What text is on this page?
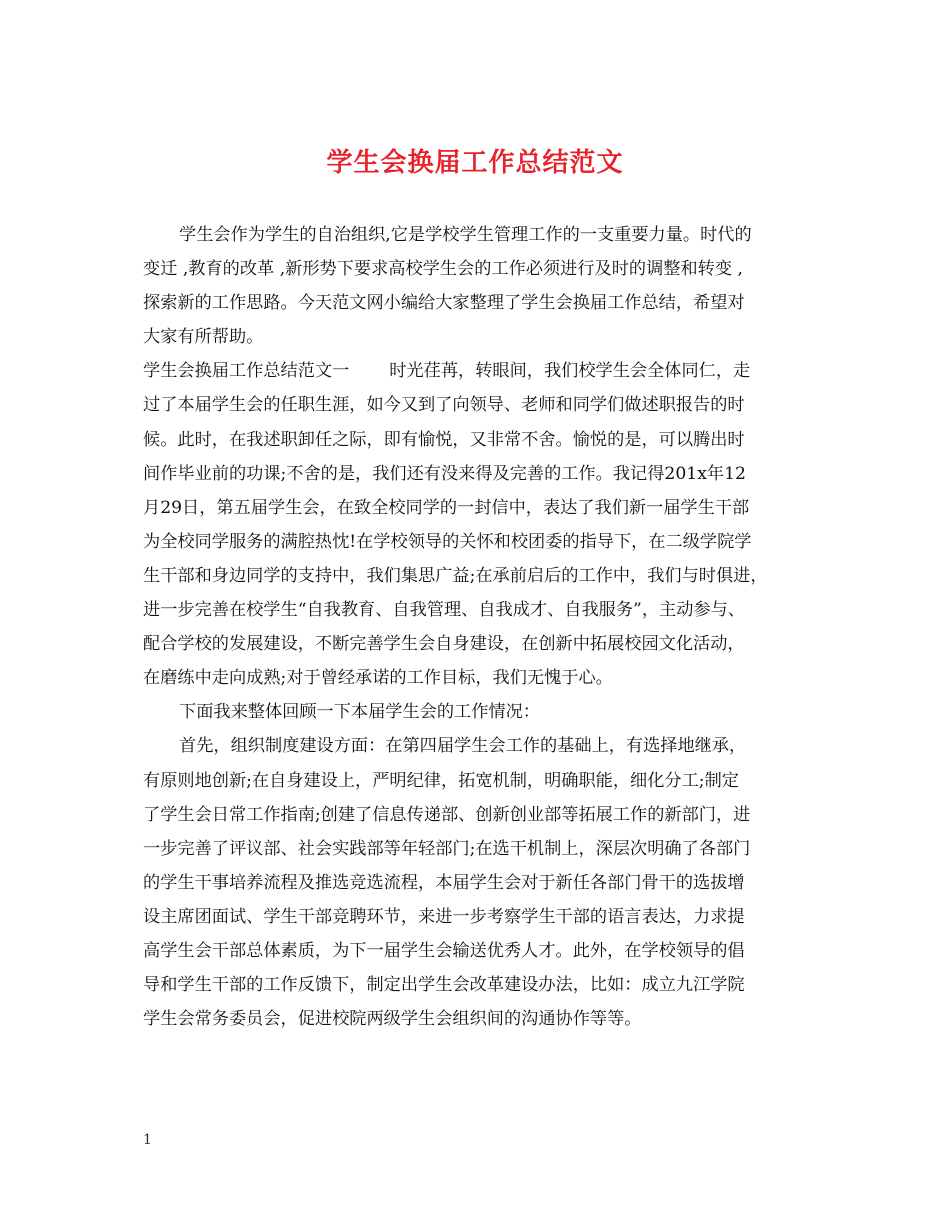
学生会换届工作总结范文
学生会作为学生的自治组织,它是学校学生管理工作的一支重要力量。时代的
变迁 ,教育的改革 ,新形势下要求高校学生会的工作必须进行及时的调整和转变 ,
探索新的工作思路。今天范文网小编给大家整理了学生会换届工作总结，希望对
大家有所帮助。
学生会换届工作总结范文一 时光荏苒，转眼间，我们校学生会全体同仁，走
过了本届学生会的任职生涯，如今又到了向领导、老师和同学们做述职报告的时
候。此时，在我述职卸任之际，即有愉悦，又非常不舍。愉悦的是，可以腾出时
间作毕业前的功课;不舍的是，我们还有没来得及完善的工作。我记得201x年12
月29日，第五届学生会，在致全校同学的一封信中，表达了我们新一届学生干部
为全校同学服务的满腔热忱!在学校领导的关怀和校团委的指导下，在二级学院学
生干部和身边同学的支持中，我们集思广益;在承前启后的工作中，我们与时俱进，
进一步完善在校学生“自我教育、自我管理、自我成才、自我服务”，主动参与、
配合学校的发展建设，不断完善学生会自身建设，在创新中拓展校园文化活动，
在磨练中走向成熟;对于曾经承诺的工作目标，我们无愧于心。
下面我来整体回顾一下本届学生会的工作情况：
首先，组织制度建设方面：在第四届学生会工作的基础上，有选择地继承，
有原则地创新;在自身建设上，严明纪律，拓宽机制，明确职能，细化分工;制定
了学生会日常工作指南;创建了信息传递部、创新创业部等拓展工作的新部门，进
一步完善了评议部、社会实践部等年轻部门;在选干机制上，深层次明确了各部门
的学生干事培养流程及推选竞选流程，本届学生会对于新任各部门骨干的选拔增
设主席团面试、学生干部竞聘环节，来进一步考察学生干部的语言表达，力求提
高学生会干部总体素质，为下一届学生会输送优秀人才。此外，在学校领导的倡
导和学生干部的工作反馈下，制定出学生会改革建设办法，比如：成立九江学院
学生会常务委员会，促进校院两级学生会组织间的沟通协作等等。
1
